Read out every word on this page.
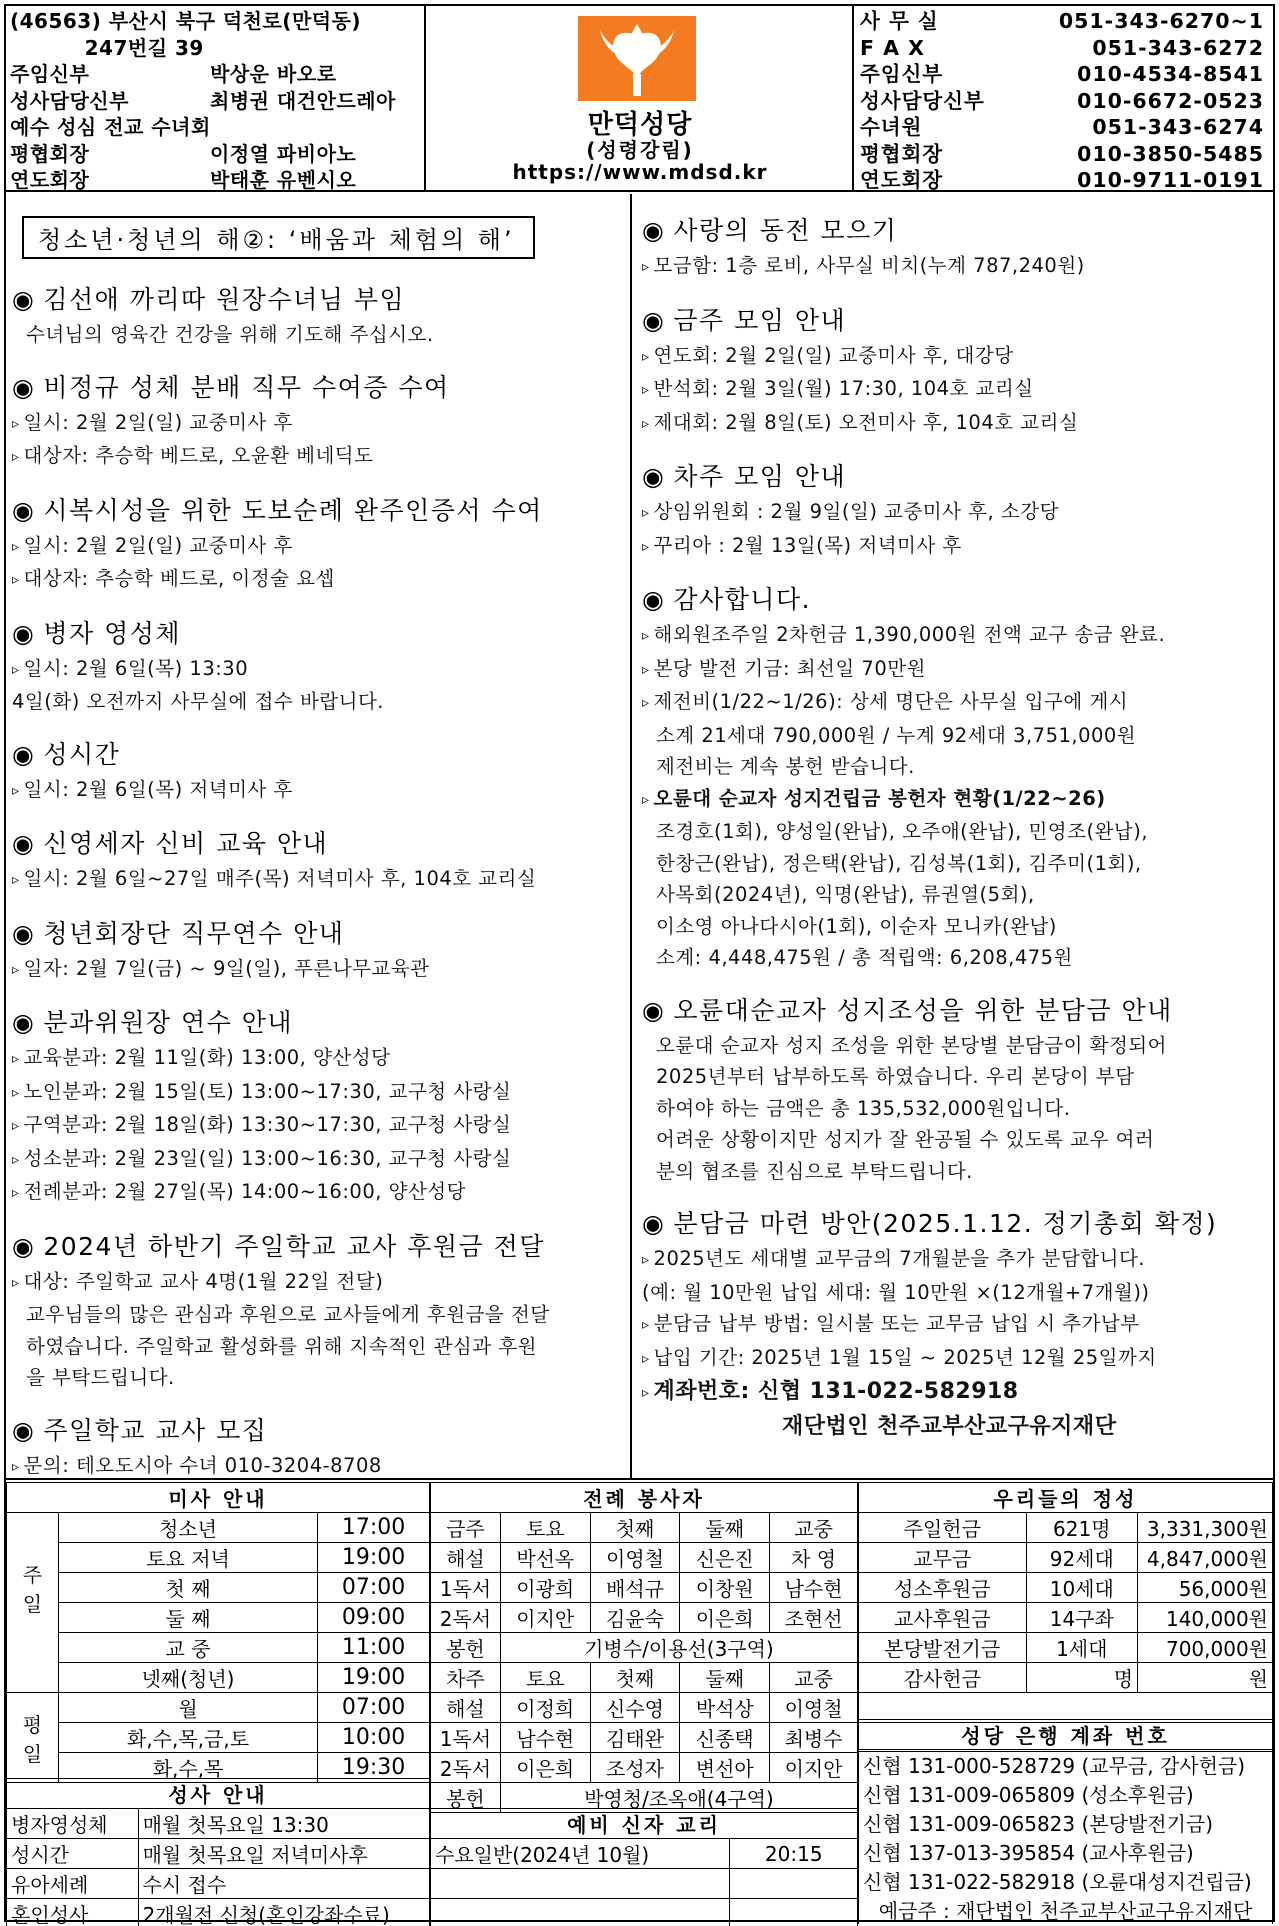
(46563) 부산시 북구 덕천로(만덕동)
247번길 39
주임신부	박상운 바오로
성사담당신부	최병권 대건안드레아
예수 성심 전교 수녀회
평협회장	이정열 파비아노
연도회장	박태훈 유벤시오
만덕성당
(성령강림)
https://www.mdsd.kr
사 무 실	051-343-6270~1
F A X	051-343-6272
주임신부	010-4534-8541
성사담당신부	010-6672-0523
수녀원	051-343-6274
평협회장	010-3850-5485
연도회장	010-9711-0191
청소년·청년의 해②: ‘배움과 체험의 해’
◉ 김선애 까리따 원장수녀님 부임
수녀님의 영육간 건강을 위해 기도해 주십시오.
◉ 비정규 성체 분배 직무 수여증 수여
▹ 일시: 2월 2일(일) 교중미사 후
▹ 대상자: 추승학 베드로, 오윤환 베네딕도
◉ 시복시성을 위한 도보순례 완주인증서 수여
▹ 일시: 2월 2일(일) 교중미사 후
▹ 대상자: 추승학 베드로, 이정술 요셉
◉ 병자 영성체
▹ 일시: 2월 6일(목) 13:30
4일(화) 오전까지 사무실에 접수 바랍니다.
◉ 성시간
▹ 일시: 2월 6일(목) 저녁미사 후
◉ 신영세자 신비 교육 안내
▹ 일시: 2월 6일~27일 매주(목) 저녁미사 후, 104호 교리실
◉ 청년회장단 직무연수 안내
▹ 일자: 2월 7일(금) ~ 9일(일), 푸른나무교육관
◉ 분과위원장 연수 안내
▹ 교육분과: 2월 11일(화) 13:00, 양산성당
▹ 노인분과: 2월 15일(토) 13:00~17:30, 교구청 사랑실
▹ 구역분과: 2월 18일(화) 13:30~17:30, 교구청 사랑실
▹ 성소분과: 2월 23일(일) 13:00~16:30, 교구청 사랑실
▹ 전례분과: 2월 27일(목) 14:00~16:00, 양산성당
◉ 2024년 하반기 주일학교 교사 후원금 전달
▹ 대상: 주일학교 교사 4명(1월 22일 전달)
교우님들의 많은 관심과 후원으로 교사들에게 후원금을 전달
하였습니다. 주일학교 활성화를 위해 지속적인 관심과 후원
을 부탁드립니다.
◉ 주일학교 교사 모집
▹ 문의: 테오도시아 수녀 010-3204-8708
◉ 사랑의 동전 모으기
▹ 모금함: 1층 로비, 사무실 비치(누계 787,240원)
◉ 금주 모임 안내
▹ 연도회: 2월 2일(일) 교중미사 후, 대강당
▹ 반석회: 2월 3일(월) 17:30, 104호 교리실
▹ 제대회: 2월 8일(토) 오전미사 후, 104호 교리실
◉ 차주 모임 안내
▹ 상임위원회 : 2월 9일(일) 교중미사 후, 소강당
▹ 꾸리아 : 2월 13일(목) 저녁미사 후
◉ 감사합니다.
▹ 해외원조주일 2차헌금 1,390,000원 전액 교구 송금 완료.
▹ 본당 발전 기금: 최선일 70만원
▹ 제전비(1/22~1/26): 상세 명단은 사무실 입구에 게시
소계 21세대 790,000원 / 누계 92세대 3,751,000원
제전비는 계속 봉헌 받습니다.
▹ 오륜대 순교자 성지건립금 봉헌자 현황(1/22~26)
조경호(1회), 양성일(완납), 오주애(완납), 민영조(완납),
한창근(완납), 정은택(완납), 김성복(1회), 김주미(1회),
사목회(2024년), 익명(완납), 류권열(5회),
이소영 아나다시아(1회), 이순자 모니카(완납)
소계: 4,448,475원 / 총 적립액: 6,208,475원
◉ 오륜대순교자 성지조성을 위한 분담금 안내
오륜대 순교자 성지 조성을 위한 본당별 분담금이 확정되어
2025년부터 납부하도록 하였습니다. 우리 본당이 부담
하여야 하는 금액은 총 135,532,000원입니다.
어려운 상황이지만 성지가 잘 완공될 수 있도록 교우 여러
분의 협조를 진심으로 부탁드립니다.
◉ 분담금 마련 방안(2025.1.12. 정기총회 확정)
▹ 2025년도 세대별 교무금의 7개월분을 추가 분담합니다.
(예: 월 10만원 납입 세대: 월 10만원 ×(12개월+7개월))
▹ 분담금 납부 방법: 일시불 또는 교무금 납입 시 추가납부
▹ 납입 기간: 2025년 1월 15일 ~ 2025년 12월 25일까지
▹ 계좌번호: 신협 131-022-582918
재단법인 천주교부산교구유지재단
미사 안내		
주
일	청소년	17:00
	토요 저녁	19:00
	첫 째	07:00
	둘 째	09:00
	교 중	11:00
	넷째(청년)	19:00
평
일	월	07:00
	화,수,목,금,토	10:00
	화,수,목	19:30
전례 봉사자				
금주	토요	첫째	둘째	교중
해설	박선옥	이영철	신은진	차 영
1독서	이광희	배석규	이창원	남수현
2독서	이지안	김윤숙	이은희	조현선
봉헌	기병수/이용선(3구역)			
차주	토요	첫째	둘째	교중
해설	이정희	신수영	박석상	이영철
1독서	남수현	김태완	신종택	최병수
2독서	이은희	조성자	변선아	이지안
봉헌	박영청/조옥애(4구역)			
우리들의 정성		
주일헌금	621명	3,331,300원
교무금	92세대	4,847,000원
성소후원금	10세대	56,000원
교사후원금	14구좌	140,000원
본당발전기금	1세대	700,000원
감사헌금	명	원

성사 안내	
병자영성체	매월 첫목요일 13:30
성시간	매월 첫목요일 저녁미사후
유아세례	수시 접수
혼인성사	2개월전 신청(혼인강좌수료)
예비 신자 교리	
수요일반(2024년 10월)	20:15

성당 은행 계좌 번호
신협 131-000-528729 (교무금, 감사헌금)
신협 131-009-065809 (성소후원금)
신협 131-009-065823 (본당발전기금)
신협 137-013-395854 (교사후원금)
신협 131-022-582918 (오륜대성지건립금)
예금주 : 재단법인 천주교부산교구유지재단
